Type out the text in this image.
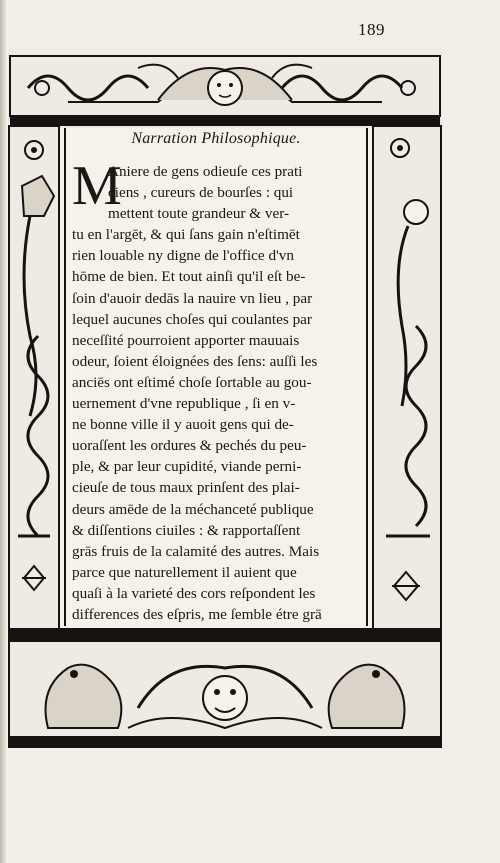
189
Narration Philosophique.
M
Aniere de gens odieuſe ces prati
ciens , cureurs de bourſes : qui
mettent toute grandeur & ver-
tu en l'argēt, & qui ſans gain n'eſtimēt
rien louable ny digne de l'office d'vn
hōme de bien. Et tout ainſi qu'il eſt be-
ſoin d'auoir dedās la nauire vn lieu , par
lequel aucunes choſes qui coulantes par
neceſſité pourroient apporter mauuais
odeur, ſoient éloignées des ſens: auſſi les
anciēs ont eſtimé choſe ſortable au gou-
uernement d'vne republique , ſi en v-
ne bonne ville il y auoit gens qui de-
uoraſſent les ordures & pechés du peu-
ple, & par leur cupidité, viande perni-
cieuſe de tous maux prinſent des plai-
deurs amēde de la méchanceté publique
& diſſentions ciuiles : & rapportaſſent
grās fruis de la calamité des autres. Mais
parce que naturellement il auient que
quaſi à la varieté des cors reſpondent les
differences des eſpris, me ſemble étre grā
